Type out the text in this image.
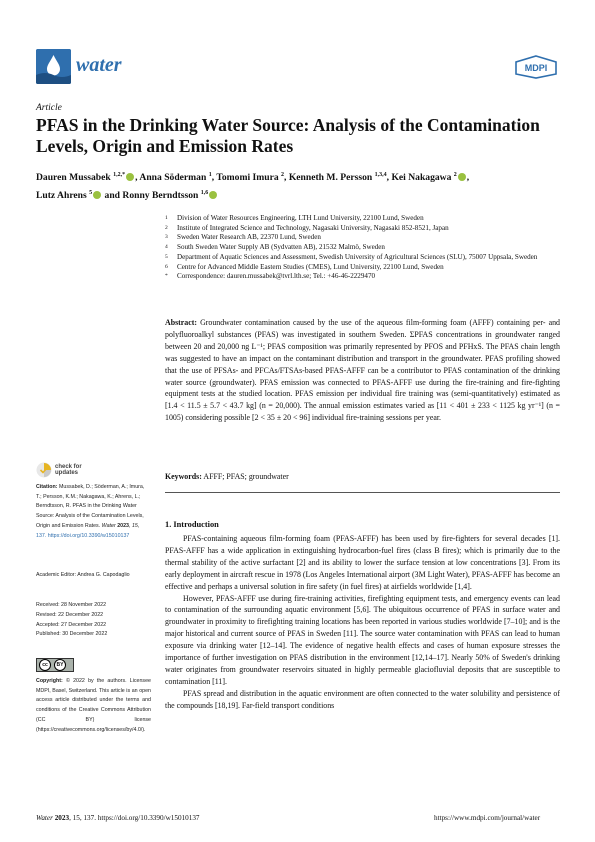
water	MDPI
Article
PFAS in the Drinking Water Source: Analysis of the Contamination Levels, Origin and Emission Rates
Dauren Mussabek $^{1,2,*}$ , Anna Söderman $^1$, Tomomi Imura $^2$, Kenneth M. Persson $^{1,3,4}$, Kei Nakagawa $^2$ ,
Lutz Ahrens $^5$ and Ronny Berndtsson $^{1,6}$
1	Division of Water Resources Engineering, LTH Lund University, 22100 Lund, Sweden
2	Institute of Integrated Science and Technology, Nagasaki University, Nagasaki 852-8521, Japan
3	Sweden Water Research AB, 22370 Lund, Sweden
4	South Sweden Water Supply AB (Sydvatten AB), 21532 Malmö, Sweden
5	Department of Aquatic Sciences and Assessment, Swedish University of Agricultural Sciences (SLU), 75007 Uppsala, Sweden
6	Centre for Advanced Middle Eastern Studies (CMES), Lund University, 22100 Lund, Sweden
*	Correspondence: dauren.mussabek@tvrl.lth.se; Tel.: +46-46-2229470
Abstract: Groundwater contamination caused by the use of the aqueous film-forming foam (AFFF) containing per- and polyfluoroalkyl substances (PFAS) was investigated in southern Sweden. ΣPFAS concentrations in groundwater ranged between 20 and 20,000 ng L⁻¹; PFAS composition was primarily represented by PFOS and PFHxS. The PFAS chain length was suggested to have an impact on the contaminant distribution and transport in the groundwater. PFAS profiling showed that the use of PFSAs- and PFCAs/FTSAs-based PFAS-AFFF can be a contributor to PFAS contamination of the drinking water source (groundwater). PFAS emission was connected to PFAS-AFFF use during the fire-training and fire-fighting equipment tests at the studied location. PFAS emission per individual fire training was (semi-quantitatively) estimated as [1.4 < 11.5 ± 5.7 < 43.7 kg] (n = 20,000). The annual emission estimates varied as [11 < 401 ± 233 < 1125 kg yr⁻¹] (n = 1005) considering possible [2 < 35 ± 20 < 96] individual fire-training sessions per year.
Keywords: AFFF; PFAS; groundwater
check for
updates
Citation: Mussabek, D.; Söderman, A.; Imura, T.; Persson, K.M.; Nakagawa, K.; Ahrens, L.; Berndtsson, R. PFAS in the Drinking Water Source: Analysis of the Contamination Levels, Origin and Emission Rates. Water 2023, 15, 137. https://doi.org/10.3390/w15010137
Academic Editor: Andrea G. Capodaglio
Received: 28 November 2022
Revised: 22 December 2022
Accepted: 27 December 2022
Published: 30 December 2022
cc	BY
Copyright: © 2022 by the authors. Licensee MDPI, Basel, Switzerland. This article is an open access article distributed under the terms and conditions of the Creative Commons Attribution (CC BY) license (https://creativecommons.org/licenses/by/4.0/).
1. Introduction

PFAS-containing aqueous film-forming foam (PFAS-AFFF) has been used by fire-fighters for several decades [1]. PFAS-AFFF has a wide application in extinguishing hydrocarbon-fuel fires (class B fires); which is primarily due to the thermal stability of the active surfactant [2] and its ability to lower the surface tension at low concentrations [3]. From its early deployment in aircraft rescue in 1978 (Los Angeles International airport (3M Light Water), PFAS-AFFF has become an effective and perhaps a universal solution in fire safety (in fuel fires) at airfields worldwide [1,4].

However, PFAS-AFFF use during fire-training activities, firefighting equipment tests, and emergency events can lead to contamination of the surrounding aquatic environment [5,6]. The ubiquitous occurrence of PFAS in surface water and groundwater in proximity to firefighting training locations has been reported in various studies worldwide [7–10]; and is the major historical and current source of PFAS in Sweden [11]. The source water contamination with PFAS can lead to human exposure via drinking water [12–14]. The evidence of negative health effects and cases of human exposure stresses the importance of further investigation on PFAS distribution in the environment [12,14–17]. Nearly 50% of Sweden's drinking water originates from groundwater reservoirs situated in highly permeable glaciofluvial deposits that are susceptible to contamination [11].

PFAS spread and distribution in the aquatic environment are often connected to the water solubility and persistence of the compounds [18,19]. Far-field transport conditions

Water 2023, 15, 137. https://doi.org/10.3390/w15010137	https://www.mdpi.com/journal/water
